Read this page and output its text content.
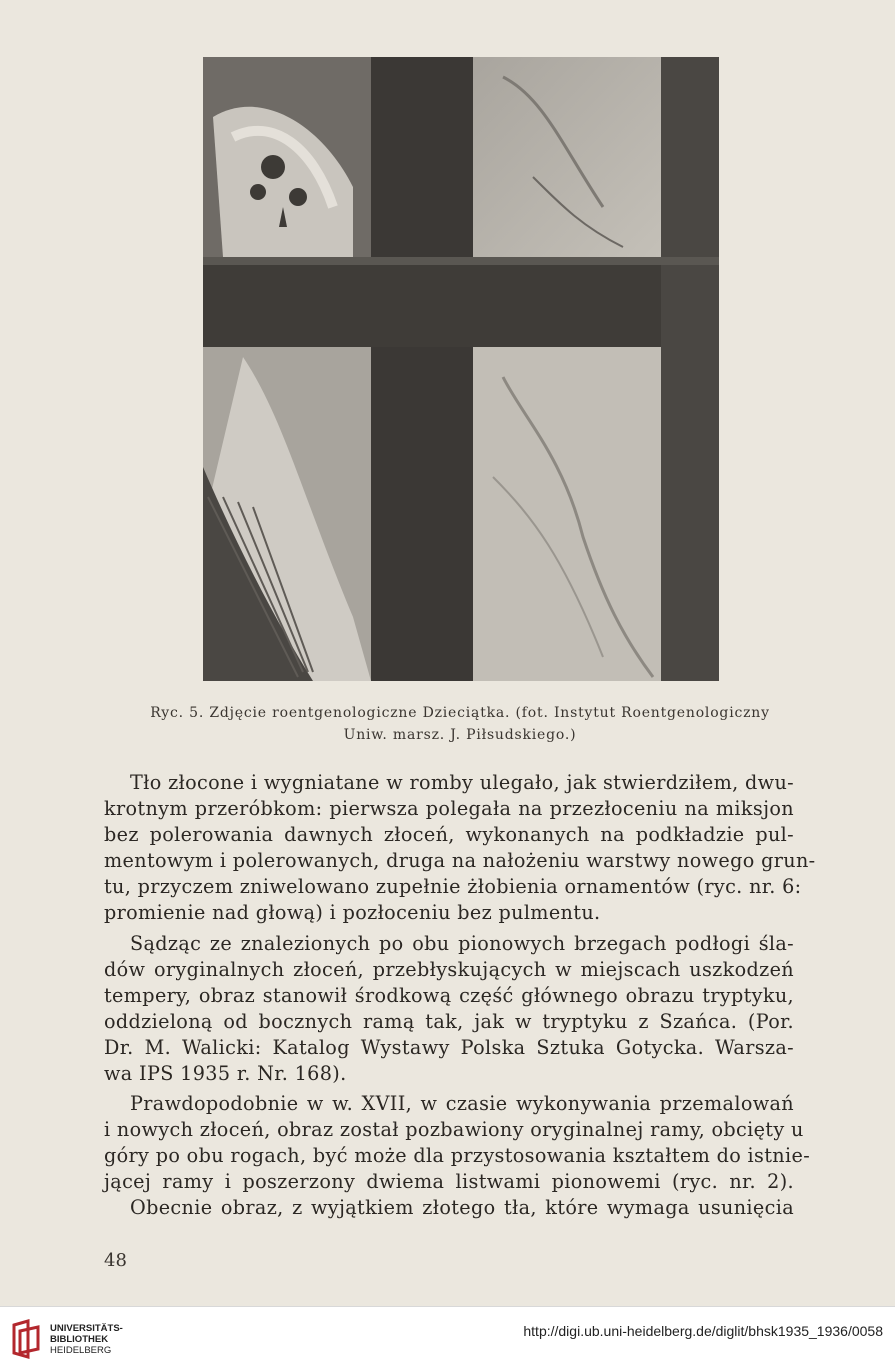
Ryc. 5. Zdjęcie roentgenologiczne Dzieciątka. (fot. Instytut Roentgenologiczny
Uniw. marsz. J. Piłsudskiego.)
Tło złocone i wygniatane w romby ulegało, jak stwierdziłem, dwu-
krotnym przeróbkom: pierwsza polegała na przezłoceniu na miksjon
bez polerowania dawnych złoceń, wykonanych na podkładzie pul-
mentowym i polerowanych, druga na nałożeniu warstwy nowego grun-
tu, przyczem zniwelowano zupełnie żłobienia ornamentów (ryc. nr. 6:
promienie nad głową) i pozłoceniu bez pulmentu.
Sądząc ze znalezionych po obu pionowych brzegach podłogi śla-
dów oryginalnych złoceń, przebłyskujących w miejscach uszkodzeń
tempery, obraz stanowił środkową część głównego obrazu tryptyku,
oddzieloną od bocznych ramą tak, jak w tryptyku z Szańca. (Por.
Dr. M. Walicki: Katalog Wystawy Polska Sztuka Gotycka. Warsza-
wa IPS 1935 r. Nr. 168).
Prawdopodobnie w w. XVII, w czasie wykonywania przemalowań
i nowych złoceń, obraz został pozbawiony oryginalnej ramy, obcięty u
góry po obu rogach, być może dla przystosowania kształtem do istnie-
jącej ramy i poszerzony dwiema listwami pionowemi (ryc. nr. 2).
Obecnie obraz, z wyjątkiem złotego tła, które wymaga usunięcia
48
UNIVERSITÄTS-
BIBLIOTHEK
HEIDELBERG
http://digi.ub.uni-heidelberg.de/diglit/bhsk1935_1936/0058
